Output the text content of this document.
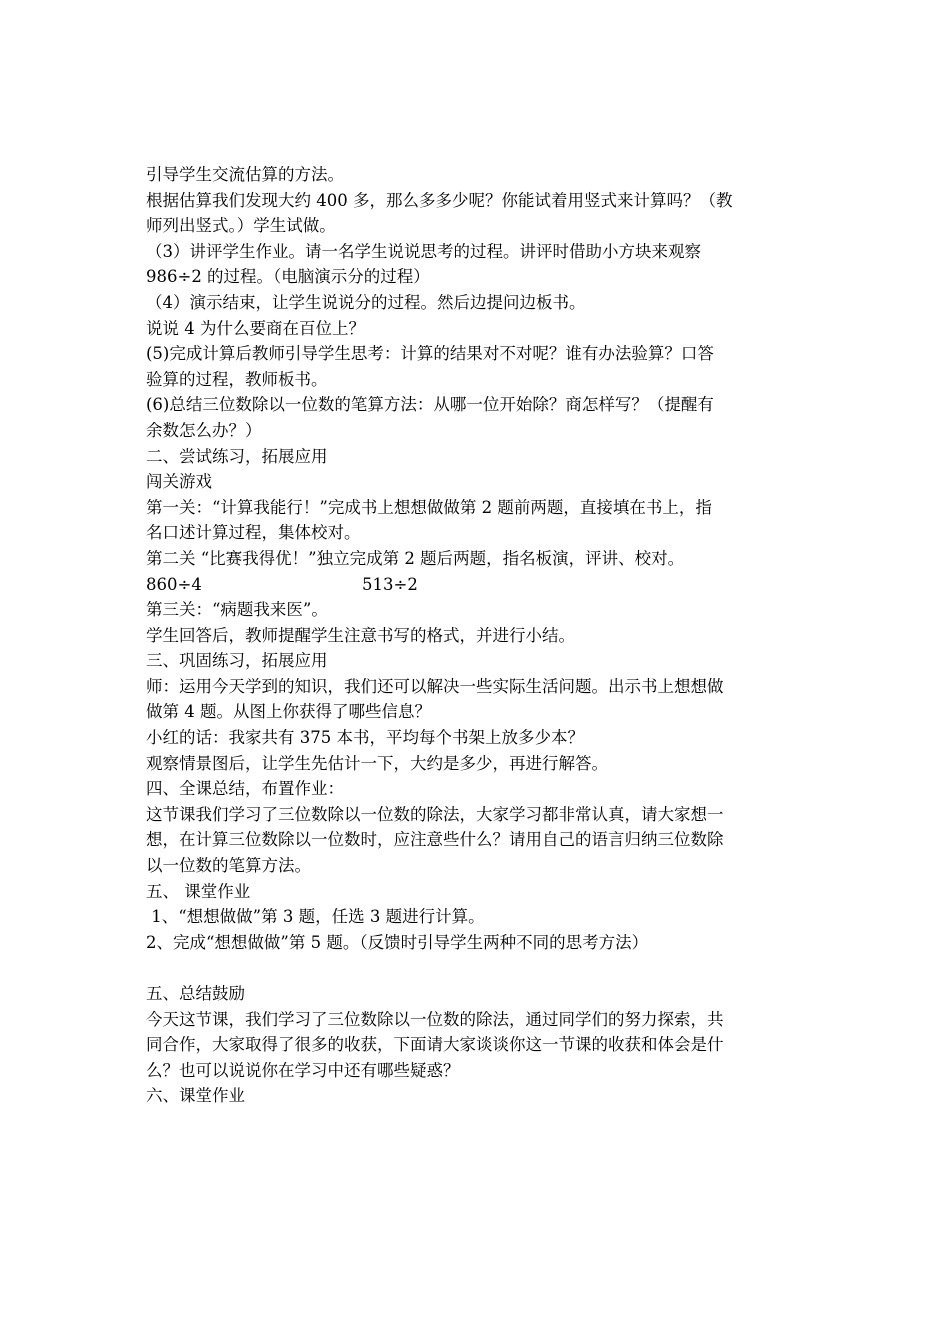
引导学生交流估算的方法。
根据估算我们发现大约 400 多，那么多多少呢？你能试着用竖式来计算吗？（教
师列出竖式。）学生试做。
（3）讲评学生作业。请一名学生说说思考的过程。讲评时借助小方块来观察
986÷2 的过程。（电脑演示分的过程）
（4）演示结束，让学生说说分的过程。然后边提问边板书。
说说 4 为什么要商在百位上？
(5)完成计算后教师引导学生思考：计算的结果对不对呢？谁有办法验算？口答
验算的过程，教师板书。
(6)总结三位数除以一位数的笔算方法：从哪一位开始除？商怎样写？（提醒有
余数怎么办？）
二、尝试练习，拓展应用
闯关游戏
第一关：“计算我能行！”完成书上想想做做第 2 题前两题，直接填在书上，指
名口述计算过程，集体校对。
第二关 “比赛我得优！”独立完成第 2 题后两题，指名板演，评讲、校对。
860÷4	513÷2
第三关：“病题我来医”。
学生回答后，教师提醒学生注意书写的格式，并进行小结。
三、巩固练习，拓展应用
师：运用今天学到的知识，我们还可以解决一些实际生活问题。出示书上想想做
做第 4 题。从图上你获得了哪些信息？
小红的话：我家共有 375 本书，平均每个书架上放多少本？
观察情景图后，让学生先估计一下，大约是多少，再进行解答。
四、全课总结，布置作业：
这节课我们学习了三位数除以一位数的除法，大家学习都非常认真，请大家想一
想，在计算三位数除以一位数时，应注意些什么？请用自己的语言归纳三位数除
以一位数的笔算方法。
五、 课堂作业
1、“想想做做”第 3 题，任选 3 题进行计算。
2、完成“想想做做”第 5 题。（反馈时引导学生两种不同的思考方法）
五、总结鼓励
今天这节课，我们学习了三位数除以一位数的除法，通过同学们的努力探索，共
同合作，大家取得了很多的收获，下面请大家谈谈你这一节课的收获和体会是什
么？也可以说说你在学习中还有哪些疑惑？
六、课堂作业
